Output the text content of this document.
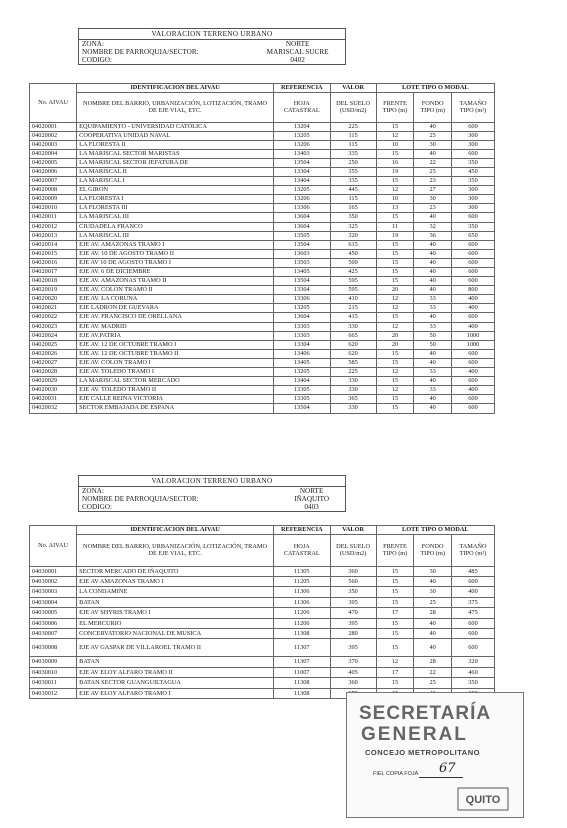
VALORACION TERRENO URBANO
ZONA:	NORTE
NOMBRE DE PARROQUIA/SECTOR:	MARISCAL SUCRE
CODIGO:	0402
No. AIVAU	IDENTIFICACION DEL AIVAU	REFERENCIA	VALOR	LOTE TIPO O MODAL		
	NOMBRE DEL BARRIO, URBANIZACIÓN, LOTIZACIÓN, TRAMO DE EJE VIAL, ETC.	HOJA CATASTRAL	DEL SUELO (USD/m2)	FRENTE TIPO (m)	FONDO TIPO (m)	TAMAÑO TIPO (m²)
04020001	EQUIPAMIENTO - UNIVERSIDAD CATOLICA	13204	225	15	40	600
04020002	COOPERATIVA UNIDAD NAVAL	13205	115	12	25	300
04020003	LA FLORESTA II	13206	115	10	30	300
04020004	LA MARISCAL SECTOR MARISTAS	13403	335	15	40	600
04020005	LA MARISCAL SECTOR JEFATURA DE	13504	250	16	22	350
04020006	LA MARISCAL II	13304	355	19	25	450
04020007	LA MARISCAL I	13404	335	15	23	350
04020008	EL GIRON	13205	445	12	27	300
04020009	LA FLORESTA I	13206	115	10	30	300
04020010	LA FLORESTA III	13306	165	13	23	300
04020011	LA MARISCAL III	13604	350	15	40	600
04020012	CIUDADELA FRANCO	13604	325	11	32	350
04020013	LA MARISCAL III	13505	320	19	36	650
04020014	EJE AV. AMAZONAS TRAMO I	13504	615	15	40	600
04020015	EJE AV. 10 DE AGOSTO TRAMO II	13603	450	15	40	600
04020016	EJE AV 10 DE AGOSTO TRAMO I	13503	500	15	40	600
04020017	EJE AV. 6 DE DICIEMBRE	13405	425	15	40	600
04020018	EJE AV. AMAZONAS TRAMO II	13504	595	15	40	600
04020019	EJE AV. COLON TRAMO II	13304	595	20	40	800
04020020	EJE AV. LA CORUNA	13306	410	12	33	400
04020021	EJE LADRON DE GUEVARA	13205	215	12	33	400
04020022	EJE AV. FRANCISCO DE ORELLANA	13604	415	15	40	600
04020023	EJE AV. MADRID	13303	330	12	33	400
04020024	EJE AV.PATRIA	13303	665	20	50	1000
04020025	EJE AV. 12 DE OCTUBRE TRAMO I	13304	620	20	50	1000
04020026	EJE AV. 12 DE OCTUBRE TRAMO II	13406	620	15	40	600
04020027	EJE AV. COLON TRAMO I	13405	585	15	40	600
04020028	EJE AV. TOLEDO TRAMO I	13205	225	12	33	400
04020029	LA MARISCAL SECTOR MERCADO	13404	330	15	40	600
04020030	EJE AV. TOLEDO TRAMO II	13305	330	12	33	400
04020031	EJE CALLE REINA VICTORIA	13305	365	15	40	600
04020032	SECTOR EMBAJADA DE ESPANA	13504	330	15	40	600
VALORACION TERRENO URBANO
ZONA:	NORTE
NOMBRE DE PARROQUIA/SECTOR:	IÑAQUITO
CODIGO:	0403
No. AIVAU	IDENTIFICACION DEL AIVAU	REFERENCIA	VALOR	LOTE TIPO O MODAL		
	NOMBRE DEL BARRIO, URBANIZACIÓN, LOTIZACIÓN, TRAMO DE EJE VIAL, ETC.	HOJA CATASTRAL	DEL SUELO (USD/m2)	FRENTE TIPO (m)	FONDO TIPO (m)	TAMAÑO TIPO (m²)
04030001	SECTOR MERCADO DE IÑAQUITO	11305	360	15	30	485
04030002	EJE AV AMAZONAS TRAMO I	11205	560	15	40	600
04030003	LA CONDAMINE	11306	350	15	30	400
04030004	BATAN	11306	395	15	25	375
04030005	EJE AV SHYRIS TRAMO I	11206	470	17	28	475
04030006	EL MERCURIO	11206	395	15	40	600
04030007	CONCERVATORIO NACIONAL DE MUSICA	11308	280	15	40	600
04030008	EJE AV GASPAR DE VILLAROEL TRAMO II	11307	395	15	40	600
04030009	BATAN	11307	370	12	28	320
04030010	EJE AV ELOY ALFARO TRAMO II	11007	405	17	22	460
04030011	BATAN SECTOR GUANGUILTAGUA	11308	360	15	25	350
04030012	EJE AV ELOY ALFARO TRAMO I	11308				
SECRETARÍA
GENERAL
CONCEJO METROPOLITANO
FIEL COPIA FOJA 67
QUITO
